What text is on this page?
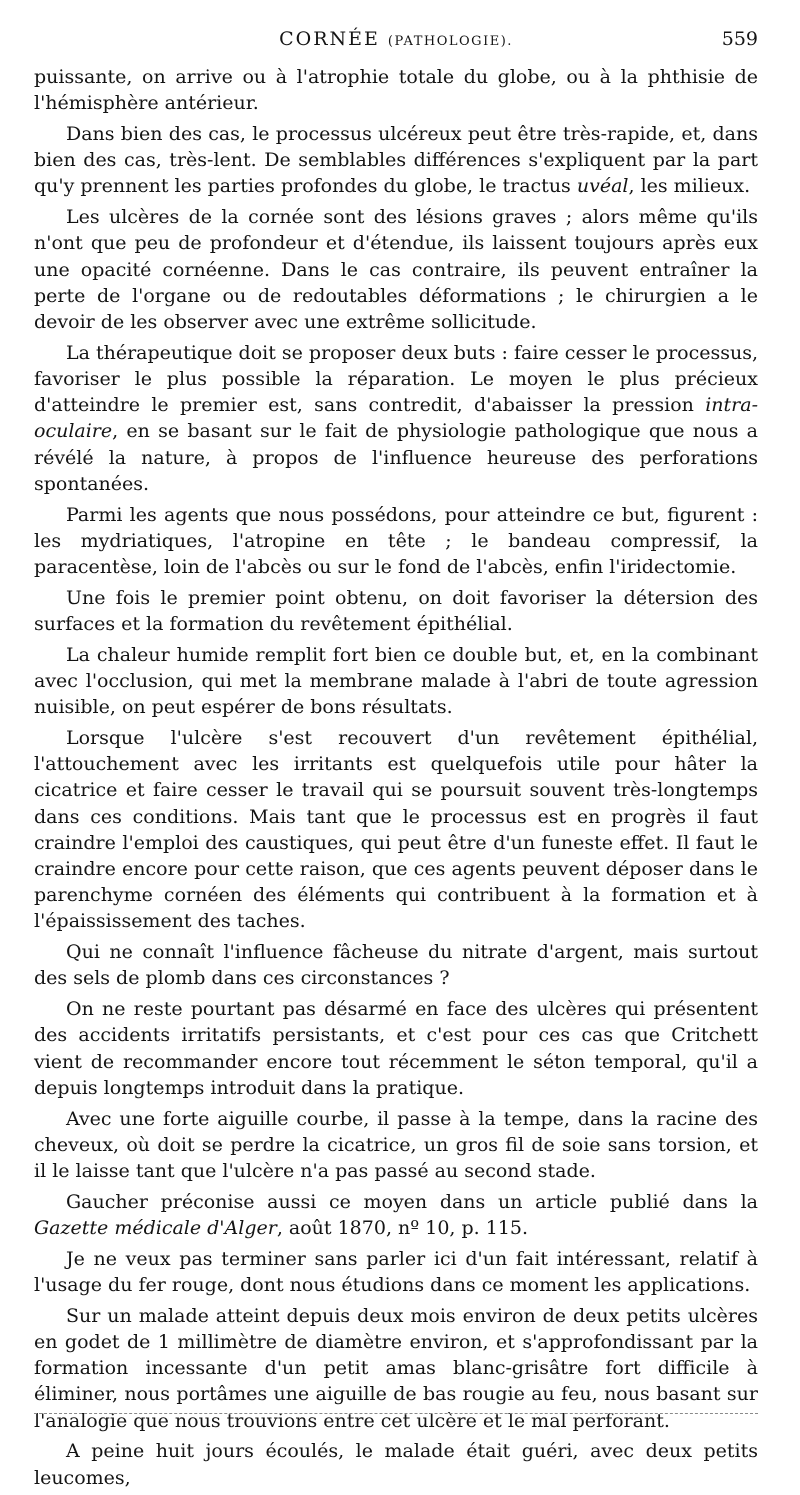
CORNÉE (PATHOLOGIE).	559

puissante, on arrive ou à l'atrophie totale du globe, ou à la phthisie de l'hémisphère antérieur.

Dans bien des cas, le processus ulcéreux peut être très-rapide, et, dans bien des cas, très-lent. De semblables différences s'expliquent par la part qu'y prennent les parties profondes du globe, le tractus uvéal, les milieux.

Les ulcères de la cornée sont des lésions graves ; alors même qu'ils n'ont que peu de profondeur et d'étendue, ils laissent toujours après eux une opacité cornéenne. Dans le cas contraire, ils peuvent entraîner la perte de l'organe ou de redoutables déformations ; le chirurgien a le devoir de les observer avec une extrême sollicitude.

La thérapeutique doit se proposer deux buts : faire cesser le processus, favoriser le plus possible la réparation. Le moyen le plus précieux d'atteindre le premier est, sans contredit, d'abaisser la pression intra-oculaire, en se basant sur le fait de physiologie pathologique que nous a révélé la nature, à propos de l'influence heureuse des perforations spontanées.

Parmi les agents que nous possédons, pour atteindre ce but, figurent : les mydriatiques, l'atropine en tête ; le bandeau compressif, la paracentèse, loin de l'abcès ou sur le fond de l'abcès, enfin l'iridectomie.

Une fois le premier point obtenu, on doit favoriser la détersion des surfaces et la formation du revêtement épithélial.

La chaleur humide remplit fort bien ce double but, et, en la combinant avec l'occlusion, qui met la membrane malade à l'abri de toute agression nuisible, on peut espérer de bons résultats.

Lorsque l'ulcère s'est recouvert d'un revêtement épithélial, l'attouchement avec les irritants est quelquefois utile pour hâter la cicatrice et faire cesser le travail qui se poursuit souvent très-longtemps dans ces conditions. Mais tant que le processus est en progrès il faut craindre l'emploi des caustiques, qui peut être d'un funeste effet. Il faut le craindre encore pour cette raison, que ces agents peuvent déposer dans le parenchyme cornéen des éléments qui contribuent à la formation et à l'épaississement des taches.

Qui ne connaît l'influence fâcheuse du nitrate d'argent, mais surtout des sels de plomb dans ces circonstances ?

On ne reste pourtant pas désarmé en face des ulcères qui présentent des accidents irritatifs persistants, et c'est pour ces cas que Critchett vient de recommander encore tout récemment le séton temporal, qu'il a depuis longtemps introduit dans la pratique.

Avec une forte aiguille courbe, il passe à la tempe, dans la racine des cheveux, où doit se perdre la cicatrice, un gros fil de soie sans torsion, et il le laisse tant que l'ulcère n'a pas passé au second stade.

Gaucher préconise aussi ce moyen dans un article publié dans la Gazette médicale d'Alger, août 1870, nº 10, p. 115.

Je ne veux pas terminer sans parler ici d'un fait intéressant, relatif à l'usage du fer rouge, dont nous étudions dans ce moment les applications.

Sur un malade atteint depuis deux mois environ de deux petits ulcères en godet de 1 millimètre de diamètre environ, et s'approfondissant par la formation incessante d'un petit amas blanc-grisâtre fort difficile à éliminer, nous portâmes une aiguille de bas rougie au feu, nous basant sur l'analogie que nous trouvions entre cet ulcère et le mal perforant.

A peine huit jours écoulés, le malade était guéri, avec deux petits leucomes,
